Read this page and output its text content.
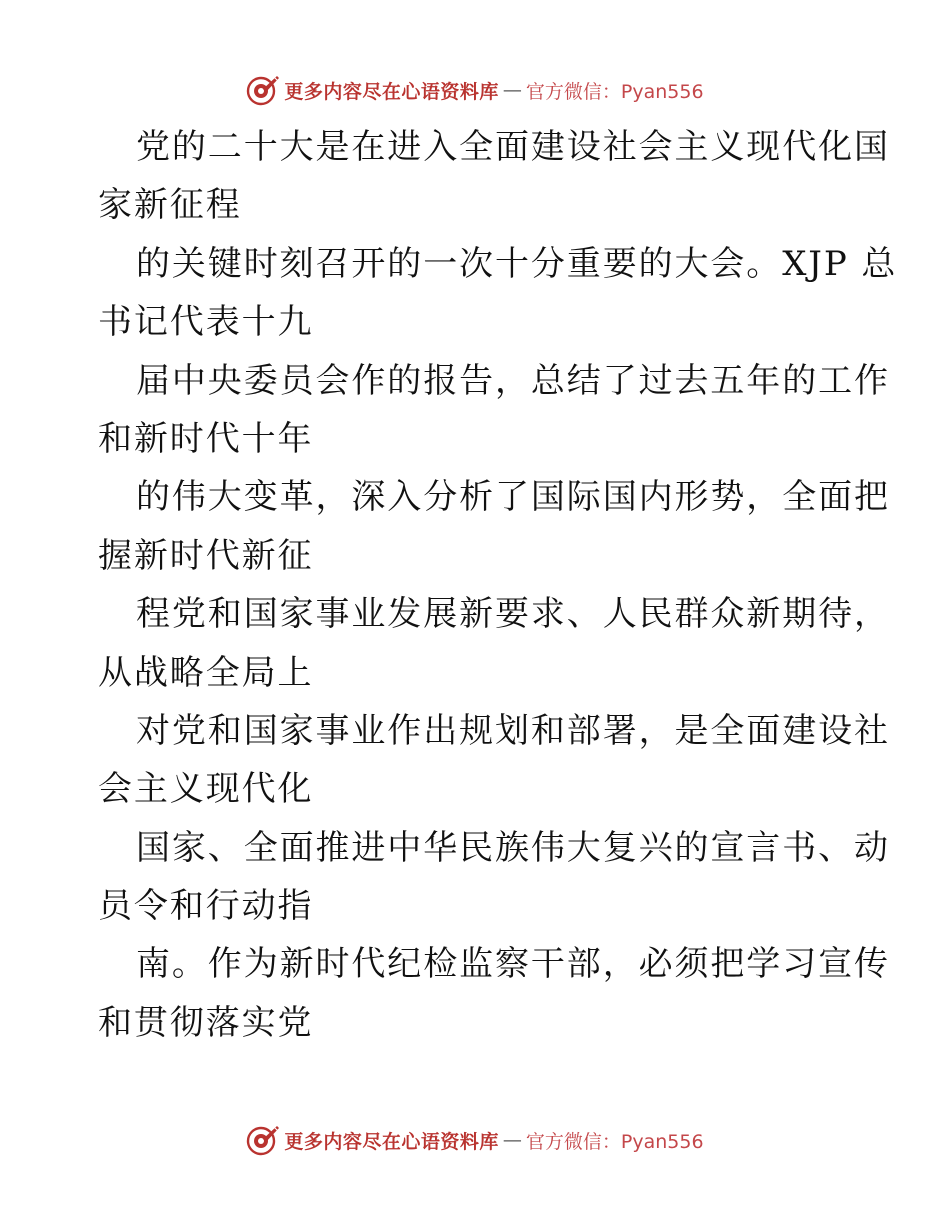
更多内容尽在心语资料库 — 官方微信：Pyan556
党的二十大是在进入全面建设社会主义现代化国
家新征程
的关键时刻召开的一次十分重要的大会。XJP 总
书记代表十九
届中央委员会作的报告，总结了过去五年的工作
和新时代十年
的伟大变革，深入分析了国际国内形势，全面把
握新时代新征
程党和国家事业发展新要求、人民群众新期待，
从战略全局上
对党和国家事业作出规划和部署，是全面建设社
会主义现代化
国家、全面推进中华民族伟大复兴的宣言书、动
员令和行动指
南。作为新时代纪检监察干部，必须把学习宣传
和贯彻落实党
更多内容尽在心语资料库 — 官方微信：Pyan556
